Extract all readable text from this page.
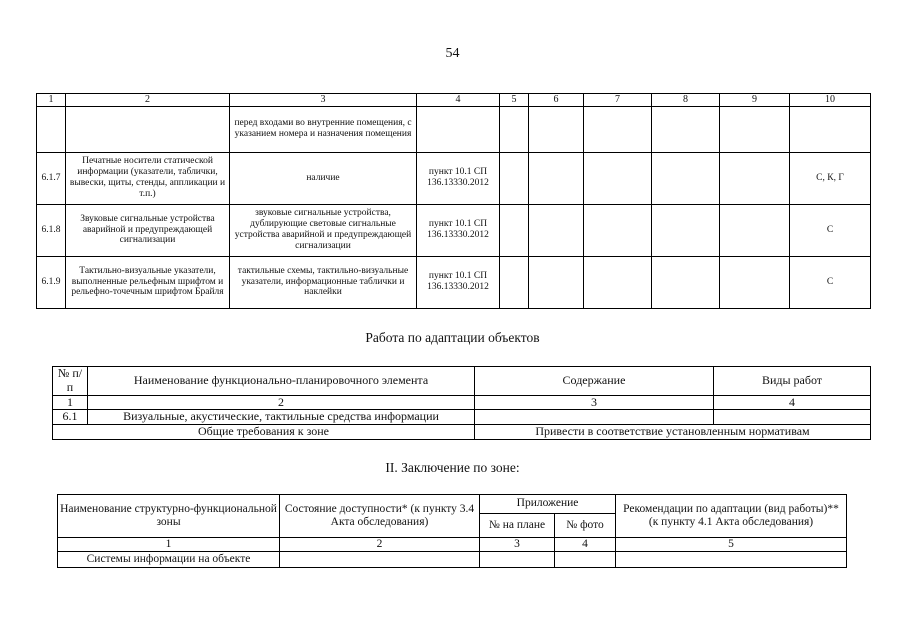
54
1	2	3	4	5	6	7	8	9	10
		перед входами во внутренние помещения, с указанием номера и назначения помещения							
6.1.7	Печатные носители статической информации (указатели, таблички, вывески, щиты, стенды, аппликации и т.п.)	наличие	пункт 10.1 СП 136.13330.2012						С, К, Г
6.1.8	Звуковые сигнальные устройства аварийной и предупреждающей сигнализации	звуковые сигнальные устройства, дублирующие световые сигнальные устройства аварийной и предупреждающей сигнализации	пункт 10.1 СП 136.13330.2012						С
6.1.9	Тактильно-визуальные указатели, выполненные рельефным шрифтом и рельефно-точечным шрифтом Брайля	тактильные схемы, тактильно-визуальные указатели, информационные таблички и наклейки	пункт 10.1 СП 136.13330.2012						С
Работа по адаптации объектов
№ п/п	Наименование функционально-планировочного элемента	Содержание	Виды работ
1	2	3	4
6.1	Визуальные, акустические, тактильные средства информации		
Общие требования к зоне		Привести в соответствие установленным нормативам	
II. Заключение по зоне:
Наименование структурно-функциональной зоны	Состояние доступности* (к пункту 3.4 Акта обследования)	Приложение		Рекомендации по адаптации (вид работы)** (к пункту 4.1 Акта обследования)
		№ на плане	№ фото	
1	2	3	4	5
Системы информации на объекте				
